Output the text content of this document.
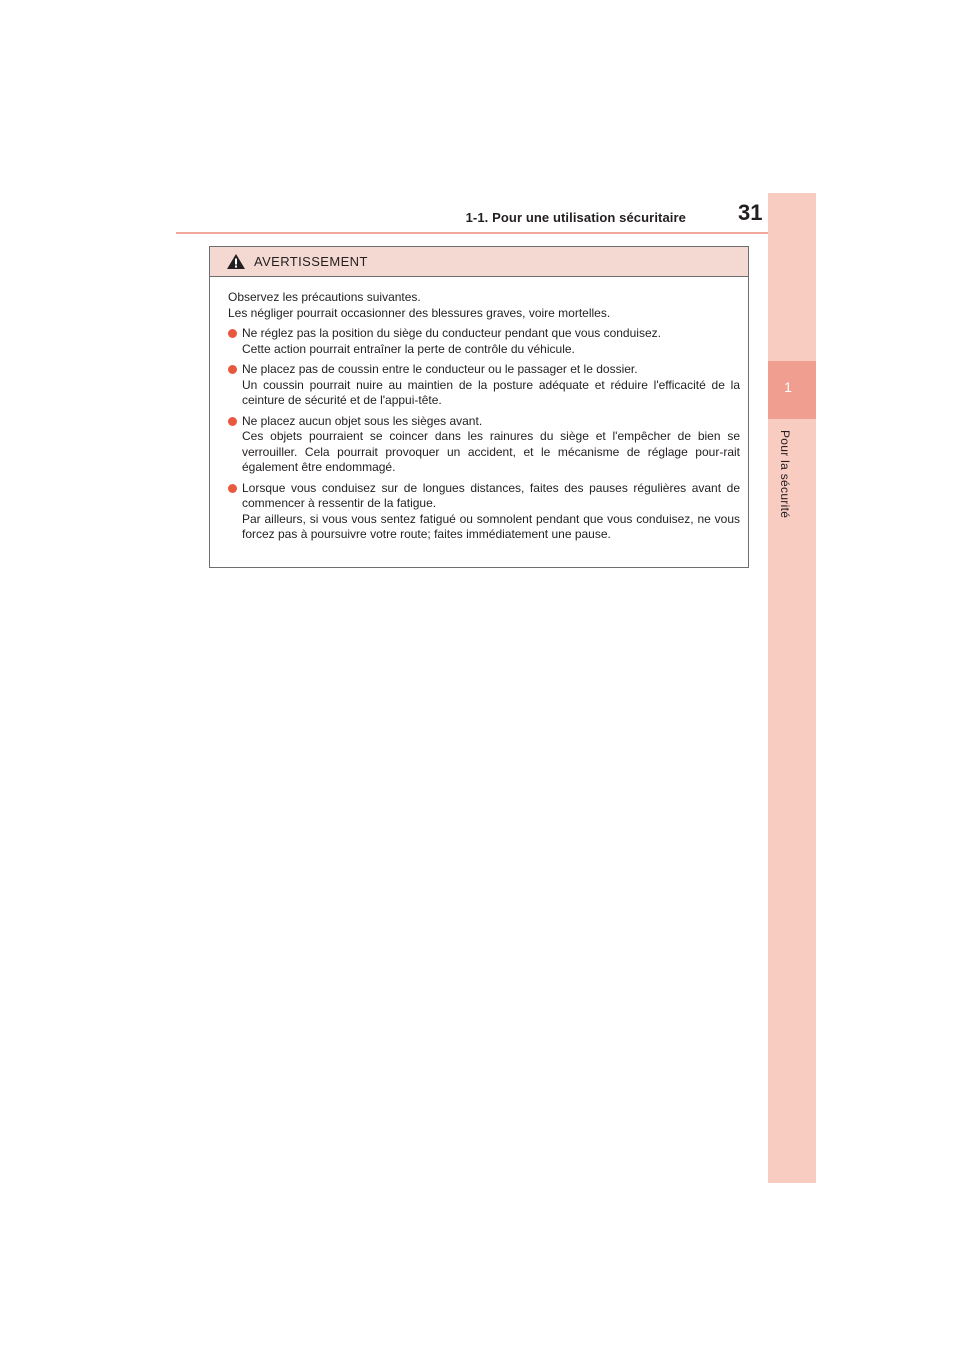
1-1. Pour une utilisation sécuritaire 31
1
Pour la sécurité
AVERTISSEMENT

Observez les précautions suivantes.
Les négliger pourrait occasionner des blessures graves, voire mortelles.

Ne réglez pas la position du siège du conducteur pendant que vous conduisez.
Cette action pourrait entraîner la perte de contrôle du véhicule.
Ne placez pas de coussin entre le conducteur ou le passager et le dossier.
Un coussin pourrait nuire au maintien de la posture adéquate et réduire l'efficacité de la ceinture de sécurité et de l'appui-tête.
Ne placez aucun objet sous les sièges avant.
Ces objets pourraient se coincer dans les rainures du siège et l'empêcher de bien se verrouiller. Cela pourrait provoquer un accident, et le mécanisme de réglage pour-rait également être endommagé.
Lorsque vous conduisez sur de longues distances, faites des pauses régulières avant de commencer à ressentir de la fatigue.
Par ailleurs, si vous vous sentez fatigué ou somnolent pendant que vous conduisez, ne vous forcez pas à poursuivre votre route; faites immédiatement une pause.
